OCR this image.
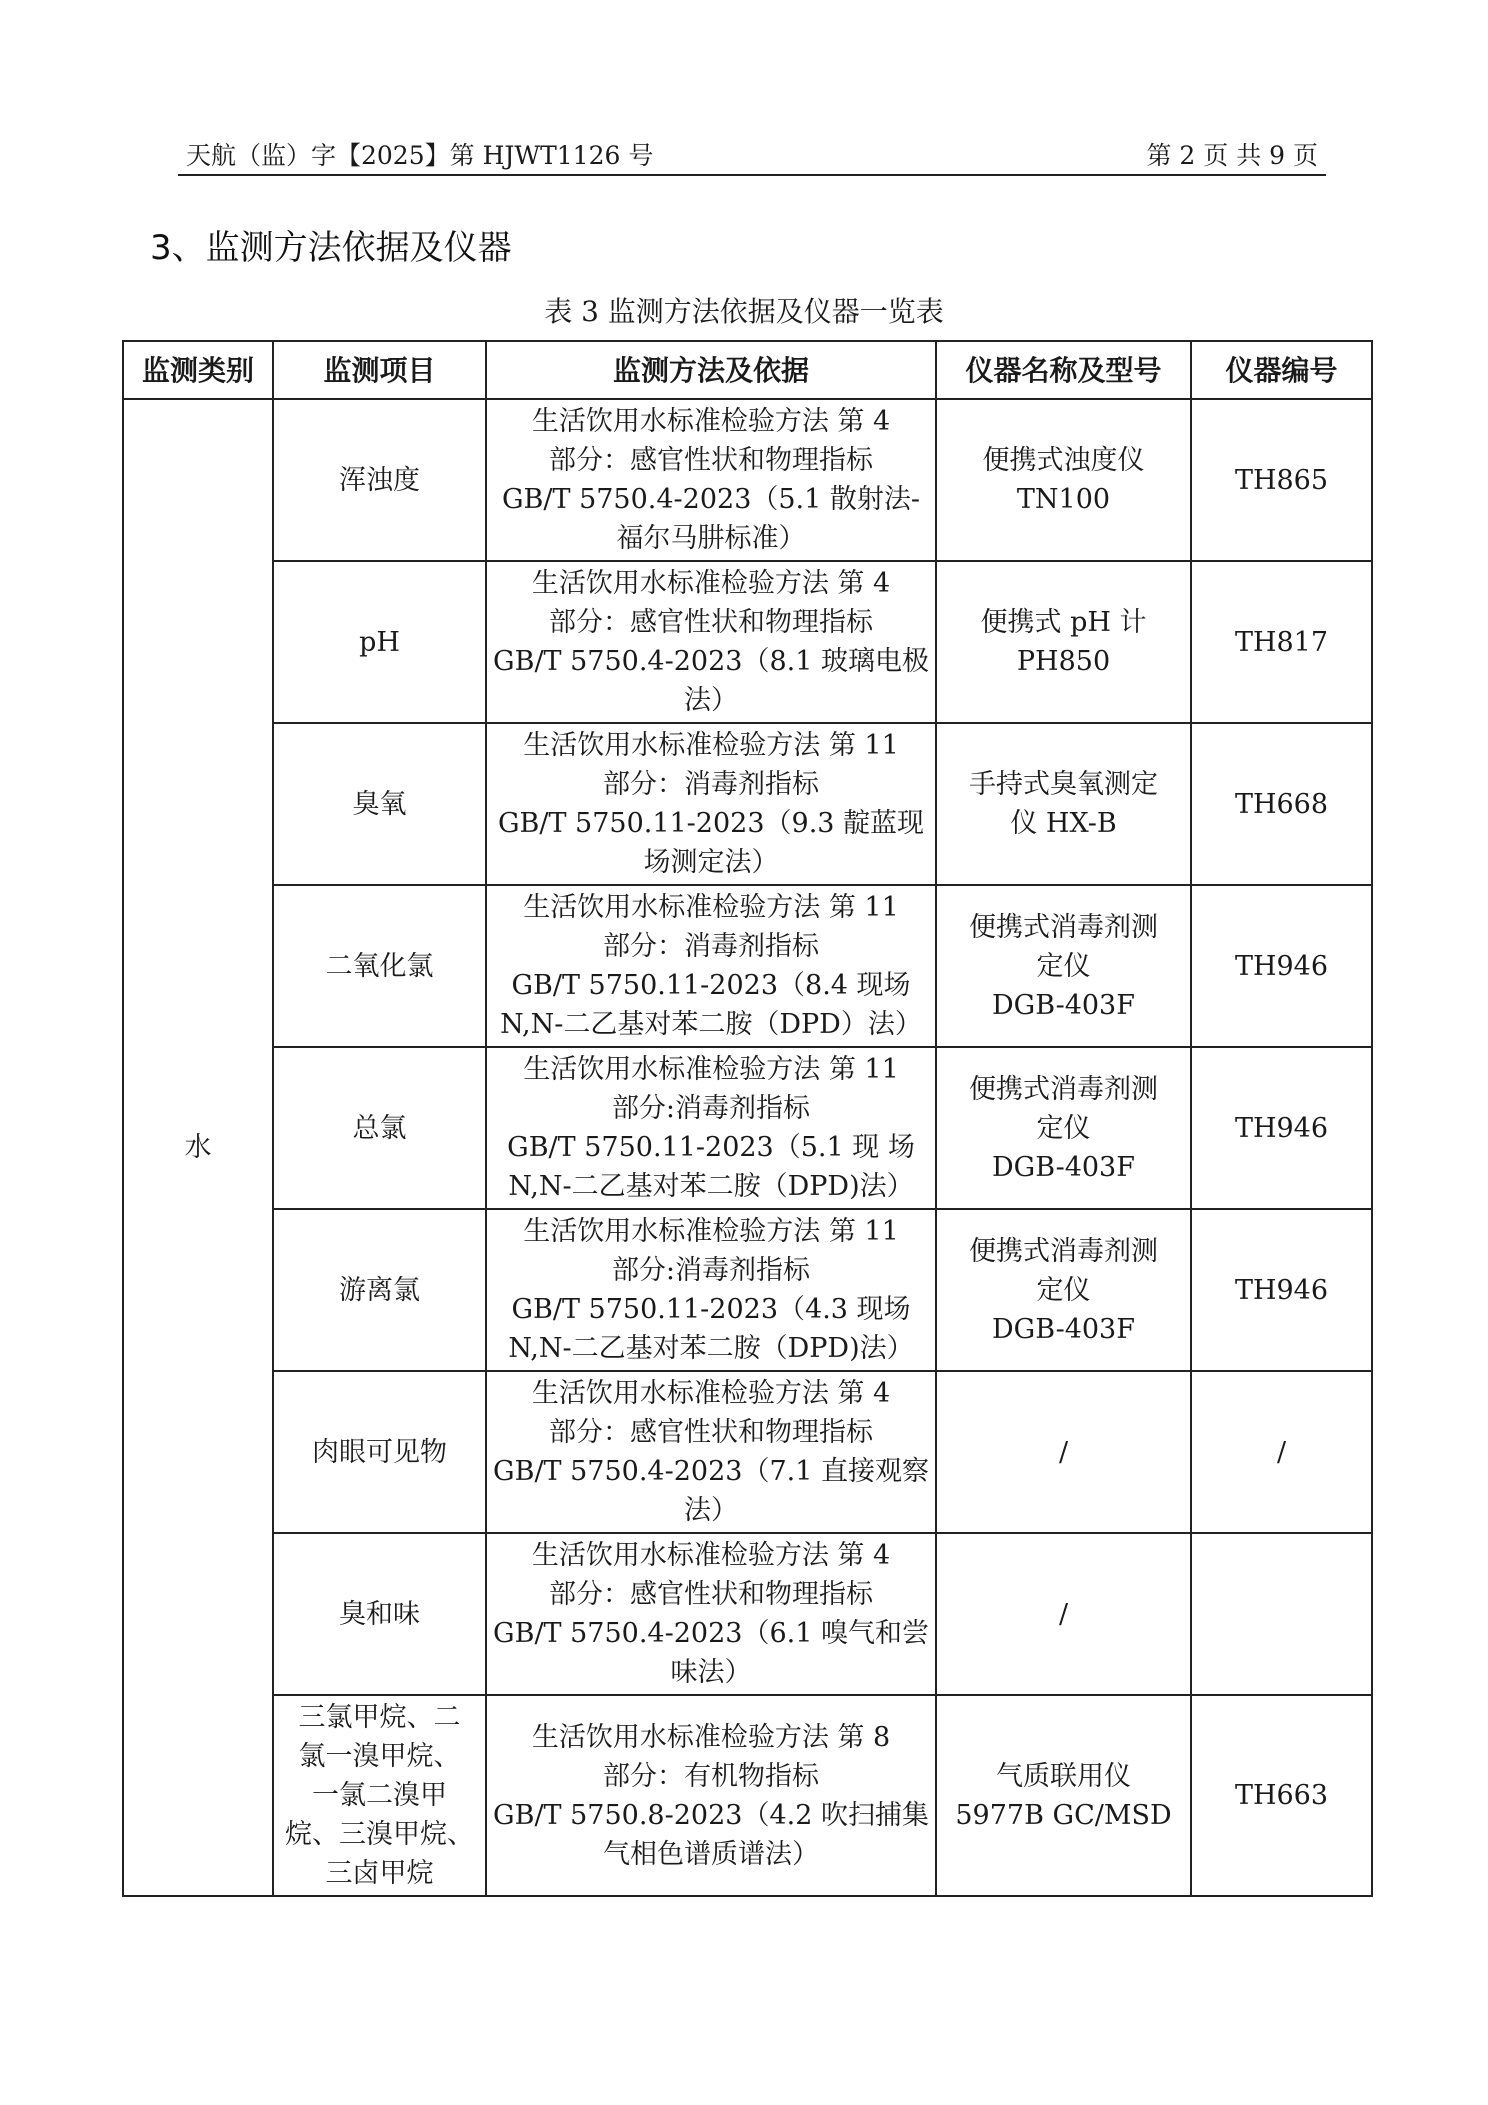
天航（监）字【2025】第 HJWT1126 号	第 2 页 共 9 页
3、监测方法依据及仪器
表 3 监测方法依据及仪器一览表
监测类别	监测项目	监测方法及依据	仪器名称及型号	仪器编号
水	浑浊度	生活饮用水标准检验方法 第 4
部分：感官性状和物理指标
GB/T 5750.4-2023（5.1 散射法-
福尔马肼标准）	便携式浊度仪
TN100	TH865

	pH	生活饮用水标准检验方法 第 4
部分：感官性状和物理指标
GB/T 5750.4-2023（8.1 玻璃电极
法）	便携式 pH 计
PH850	TH817

	臭氧	生活饮用水标准检验方法 第 11
部分：消毒剂指标
GB/T 5750.11-2023（9.3 靛蓝现
场测定法）	手持式臭氧测定
仪 HX-B	TH668

	二氧化氯	生活饮用水标准检验方法 第 11
部分：消毒剂指标
GB/T 5750.11-2023（8.4 现场
N,N-二乙基对苯二胺（DPD）法）	便携式消毒剂测
定仪
DGB-403F	TH946

	总氯	生活饮用水标准检验方法 第 11
部分:消毒剂指标
GB/T 5750.11-2023（5.1 现 场
N,N-二乙基对苯二胺（DPD)法）	便携式消毒剂测
定仪
DGB-403F	TH946

	游离氯	生活饮用水标准检验方法 第 11
部分:消毒剂指标
GB/T 5750.11-2023（4.3 现场
N,N-二乙基对苯二胺（DPD)法）	便携式消毒剂测
定仪
DGB-403F	TH946

	肉眼可见物	生活饮用水标准检验方法 第 4
部分：感官性状和物理指标
GB/T 5750.4-2023（7.1 直接观察
法）	/	/

	臭和味	生活饮用水标准检验方法 第 4
部分：感官性状和物理指标
GB/T 5750.4-2023（6.1 嗅气和尝
味法）	/	

	三氯甲烷、二
氯一溴甲烷、
一氯二溴甲
烷、三溴甲烷、
三卤甲烷	生活饮用水标准检验方法 第 8
部分：有机物指标
GB/T 5750.8-2023（4.2 吹扫捕集
气相色谱质谱法）	气质联用仪
5977B GC/MSD	TH663
